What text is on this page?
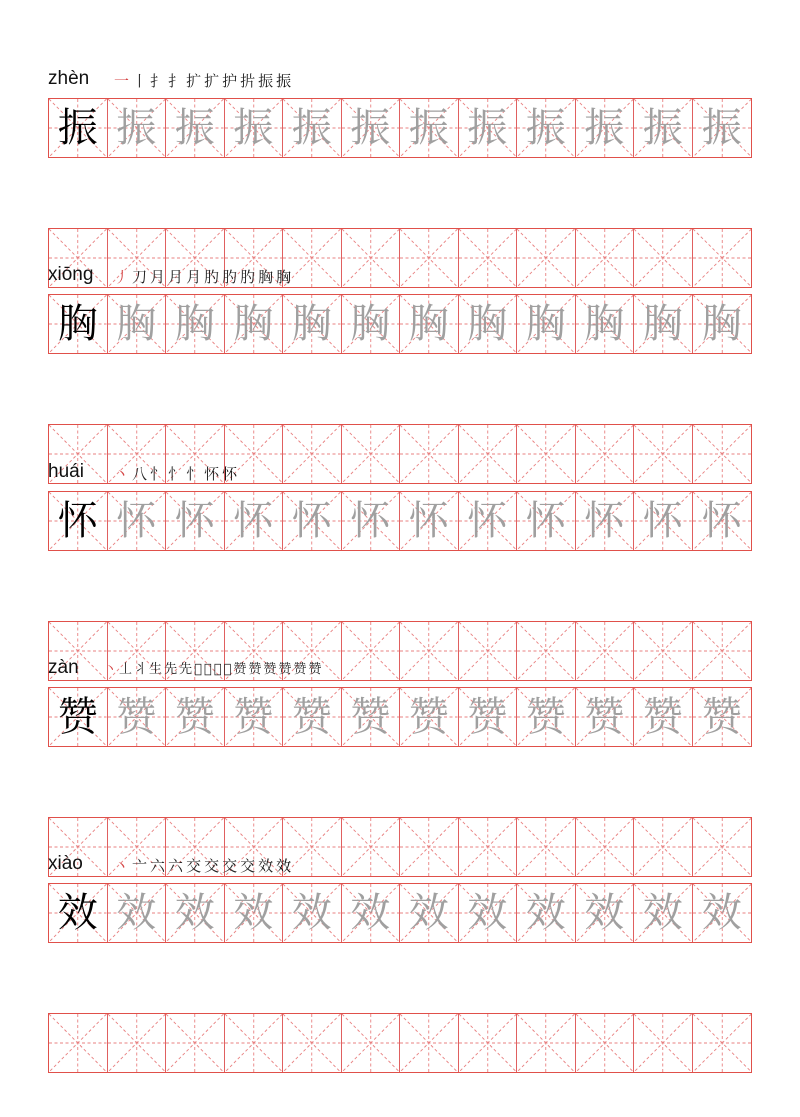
zhèn 一 丨 扌 扌 扩 扩 护 扸 振 振
振 振 振 振 振 振 振 振 振 振 振 振
xiōng 丿 刀 月 月 月 肑 肑 肑 胸 胸
胸 胸 胸 胸 胸 胸 胸 胸 胸 胸 胸 胸
huái 丶 八 忄 忄 忄 怀 怀
怀 怀 怀 怀 怀 怀 怀 怀 怀 怀 怀 怀
zàn 丶 丄 丬 生 先 先 𫞖 𫞖 𫞖 𫞖 赞 赞 赞 赞 赞 赞
赞 赞 赞 赞 赞 赞 赞 赞 赞 赞 赞 赞
xiào 丶 亠 六 六 交 交 交 交 效 效
效 效 效 效 效 效 效 效 效 效 效 效
